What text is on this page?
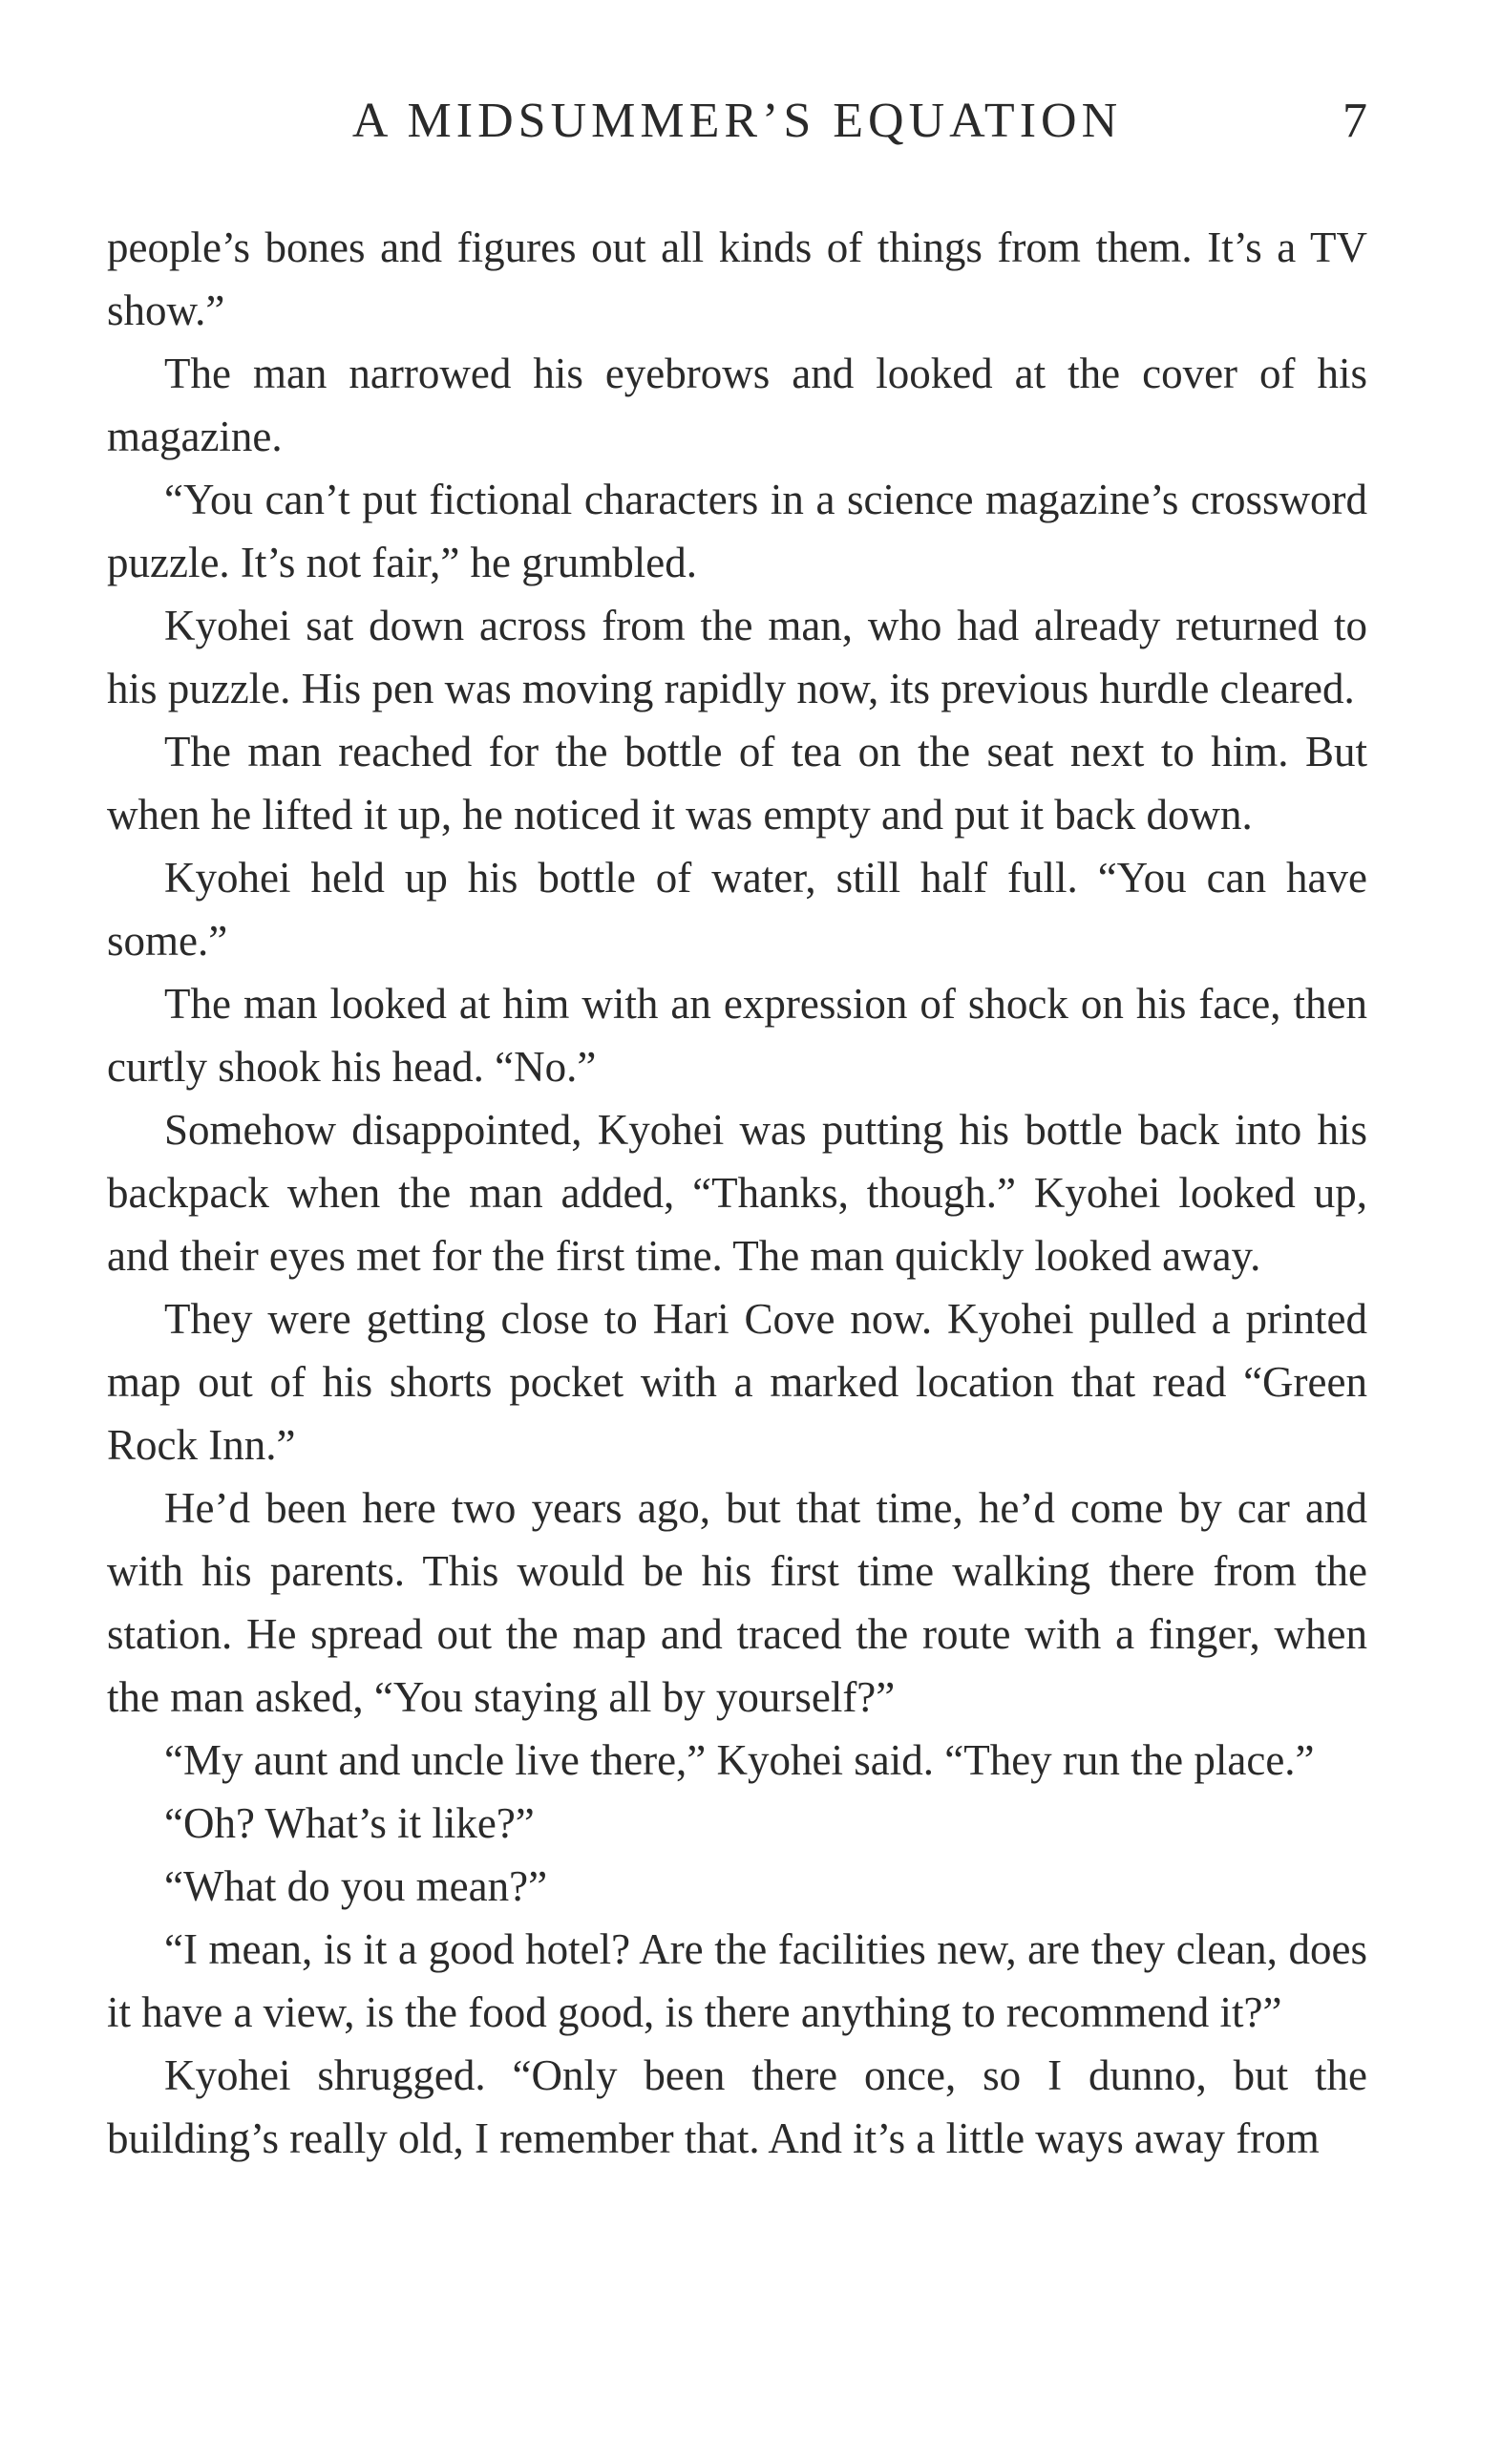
A MIDSUMMER’S EQUATION	7

people’s bones and figures out all kinds of things from them. It’s a TV show.”

The man narrowed his eyebrows and looked at the cover of his magazine.

“You can’t put fictional characters in a science magazine’s crossword puzzle. It’s not fair,” he grumbled.

Kyohei sat down across from the man, who had already returned to his puzzle. His pen was moving rapidly now, its previous hurdle cleared.

The man reached for the bottle of tea on the seat next to him. But when he lifted it up, he noticed it was empty and put it back down.

Kyohei held up his bottle of water, still half full. “You can have some.”

The man looked at him with an expression of shock on his face, then curtly shook his head. “No.”

Somehow disappointed, Kyohei was putting his bottle back into his backpack when the man added, “Thanks, though.” Kyohei looked up, and their eyes met for the first time. The man quickly looked away.

They were getting close to Hari Cove now. Kyohei pulled a printed map out of his shorts pocket with a marked location that read “Green Rock Inn.”

He’d been here two years ago, but that time, he’d come by car and with his parents. This would be his first time walking there from the station. He spread out the map and traced the route with a finger, when the man asked, “You staying all by yourself?”

“My aunt and uncle live there,” Kyohei said. “They run the place.”

“Oh? What’s it like?”

“What do you mean?”

“I mean, is it a good hotel? Are the facilities new, are they clean, does it have a view, is the food good, is there anything to recommend it?”

Kyohei shrugged. “Only been there once, so I dunno, but the building’s really old, I remember that. And it’s a little ways away from
